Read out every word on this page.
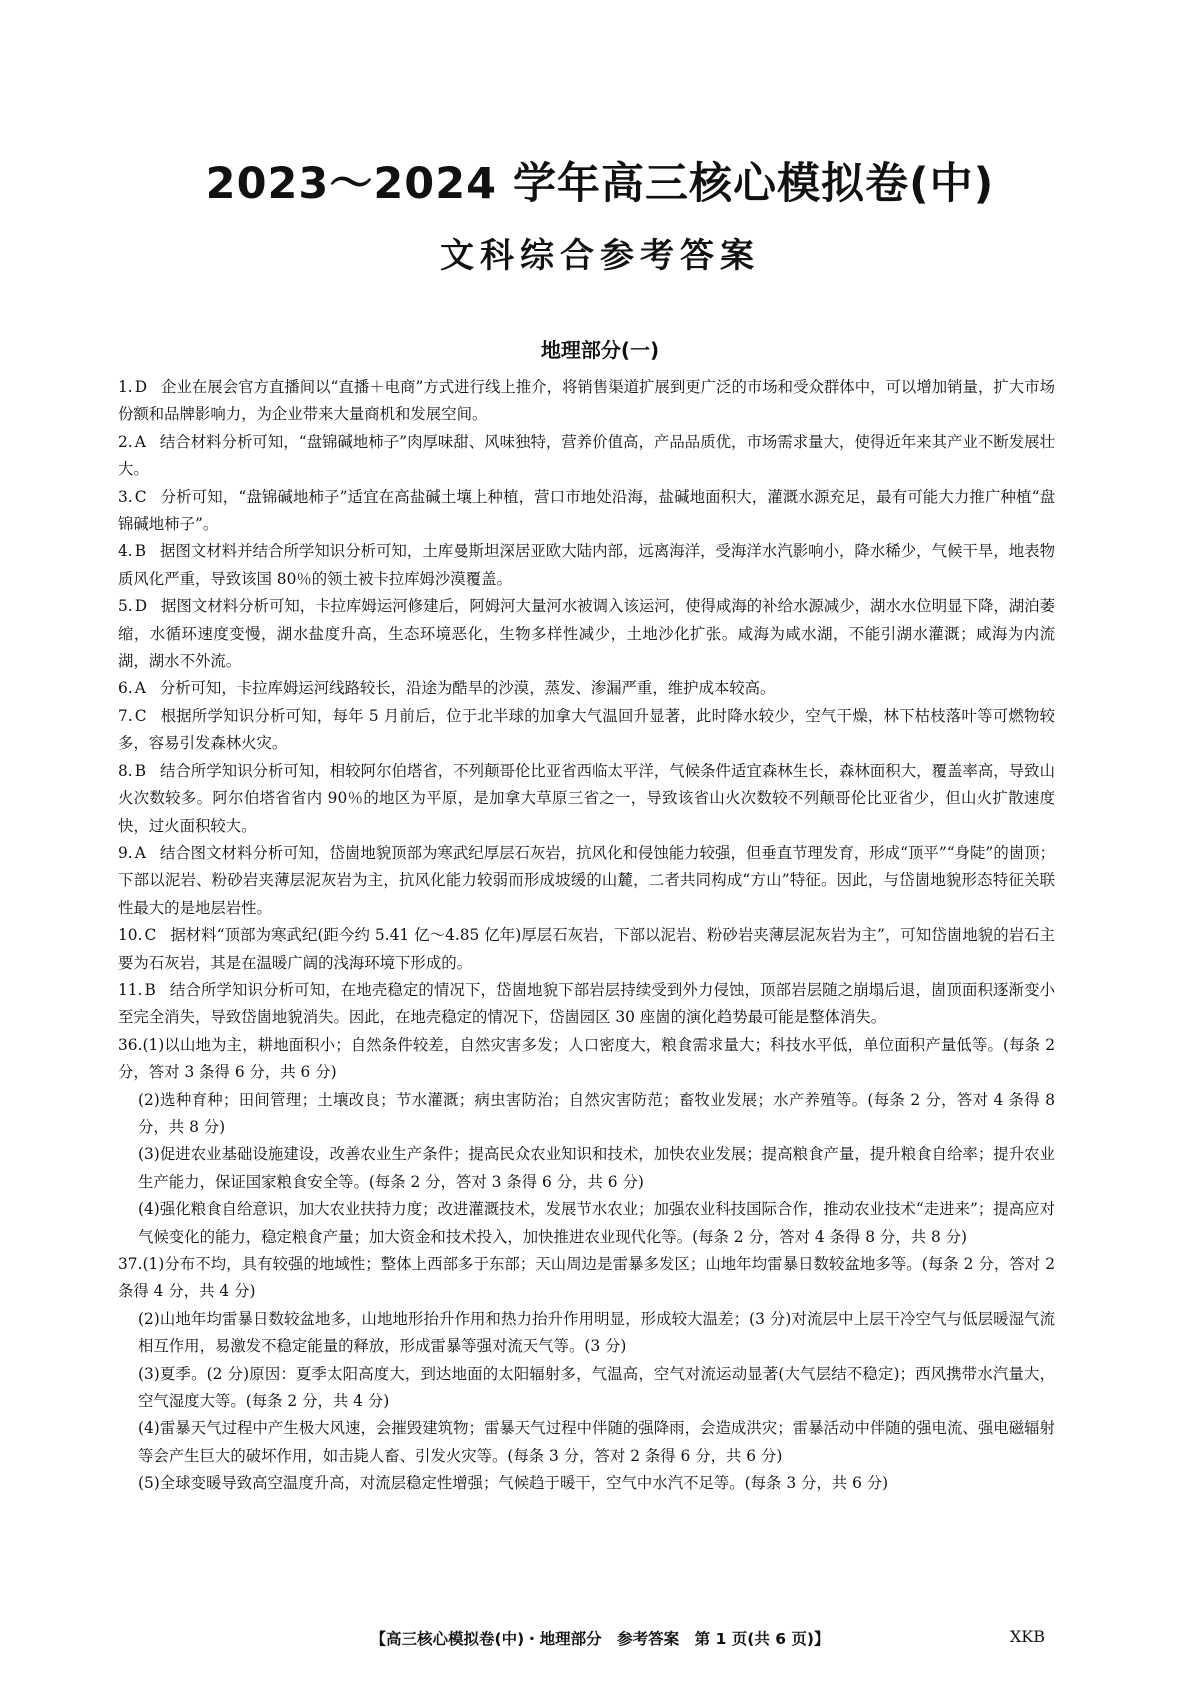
2023～2024 学年高三核心模拟卷(中)
文科综合参考答案
地理部分(一)

1. D 企业在展会官方直播间以“直播＋电商”方式进行线上推介，将销售渠道扩展到更广泛的市场和受众群体中，可以增加销量，扩大市场份额和品牌影响力，为企业带来大量商机和发展空间。

2. A 结合材料分析可知，“盘锦碱地柿子”肉厚味甜、风味独特，营养价值高，产品品质优，市场需求量大，使得近年来其产业不断发展壮大。

3. C 分析可知，“盘锦碱地柿子”适宜在高盐碱土壤上种植，营口市地处沿海，盐碱地面积大，灌溉水源充足，最有可能大力推广种植“盘锦碱地柿子”。

4. B 据图文材料并结合所学知识分析可知，土库曼斯坦深居亚欧大陆内部，远离海洋，受海洋水汽影响小，降水稀少，气候干旱，地表物质风化严重，导致该国 80％的领土被卡拉库姆沙漠覆盖。

5. D 据图文材料分析可知，卡拉库姆运河修建后，阿姆河大量河水被调入该运河，使得咸海的补给水源减少，湖水水位明显下降，湖泊萎缩，水循环速度变慢，湖水盐度升高，生态环境恶化，生物多样性减少，土地沙化扩张。咸海为咸水湖，不能引湖水灌溉；咸海为内流湖，湖水不外流。

6. A 分析可知，卡拉库姆运河线路较长，沿途为酷旱的沙漠，蒸发、渗漏严重，维护成本较高。

7. C 根据所学知识分析可知，每年 5 月前后，位于北半球的加拿大气温回升显著，此时降水较少，空气干燥，林下枯枝落叶等可燃物较多，容易引发森林火灾。

8. B 结合所学知识分析可知，相较阿尔伯塔省，不列颠哥伦比亚省西临太平洋，气候条件适宜森林生长，森林面积大，覆盖率高，导致山火次数较多。阿尔伯塔省省内 90％的地区为平原，是加拿大草原三省之一，导致该省山火次数较不列颠哥伦比亚省少，但山火扩散速度快，过火面积较大。

9. A 结合图文材料分析可知，岱崮地貌顶部为寒武纪厚层石灰岩，抗风化和侵蚀能力较强，但垂直节理发育，形成“顶平”“身陡”的崮顶；下部以泥岩、粉砂岩夹薄层泥灰岩为主，抗风化能力较弱而形成坡缓的山麓，二者共同构成“方山”特征。因此，与岱崮地貌形态特征关联性最大的是地层岩性。

10. C 据材料“顶部为寒武纪(距今约 5.41 亿～4.85 亿年)厚层石灰岩，下部以泥岩、粉砂岩夹薄层泥灰岩为主”，可知岱崮地貌的岩石主要为石灰岩，其是在温暖广阔的浅海环境下形成的。

11. B 结合所学知识分析可知，在地壳稳定的情况下，岱崮地貌下部岩层持续受到外力侵蚀，顶部岩层随之崩塌后退，崮顶面积逐渐变小至完全消失，导致岱崮地貌消失。因此，在地壳稳定的情况下，岱崮园区 30 座崮的演化趋势最可能是整体消失。

36.(1)以山地为主，耕地面积小；自然条件较差，自然灾害多发；人口密度大，粮食需求量大；科技水平低，单位面积产量低等。(每条 2 分，答对 3 条得 6 分，共 6 分)

(2)选种育种；田间管理；土壤改良；节水灌溉；病虫害防治；自然灾害防范；畜牧业发展；水产养殖等。(每条 2 分，答对 4 条得 8 分，共 8 分)

(3)促进农业基础设施建设，改善农业生产条件；提高民众农业知识和技术，加快农业发展；提高粮食产量，提升粮食自给率；提升农业生产能力，保证国家粮食安全等。(每条 2 分，答对 3 条得 6 分，共 6 分)

(4)强化粮食自给意识，加大农业扶持力度；改进灌溉技术，发展节水农业；加强农业科技国际合作，推动农业技术“走进来”；提高应对气候变化的能力，稳定粮食产量；加大资金和技术投入，加快推进农业现代化等。(每条 2 分，答对 4 条得 8 分，共 8 分)

37.(1)分布不均，具有较强的地域性；整体上西部多于东部；天山周边是雷暴多发区；山地年均雷暴日数较盆地多等。(每条 2 分，答对 2 条得 4 分，共 4 分)

(2)山地年均雷暴日数较盆地多，山地地形抬升作用和热力抬升作用明显，形成较大温差；(3 分)对流层中上层干冷空气与低层暖湿气流相互作用，易激发不稳定能量的释放，形成雷暴等强对流天气等。(3 分)

(3)夏季。(2 分)原因：夏季太阳高度大，到达地面的太阳辐射多，气温高，空气对流运动显著(大气层结不稳定)；西风携带水汽量大，空气湿度大等。(每条 2 分，共 4 分)

(4)雷暴天气过程中产生极大风速，会摧毁建筑物；雷暴天气过程中伴随的强降雨，会造成洪灾；雷暴活动中伴随的强电流、强电磁辐射等会产生巨大的破坏作用，如击毙人畜、引发火灾等。(每条 3 分，答对 2 条得 6 分，共 6 分)

(5)全球变暖导致高空温度升高，对流层稳定性增强；气候趋于暖干，空气中水汽不足等。(每条 3 分，共 6 分)

【高三核心模拟卷(中)・地理部分　参考答案　第 1 页(共 6 页)】	XKB
